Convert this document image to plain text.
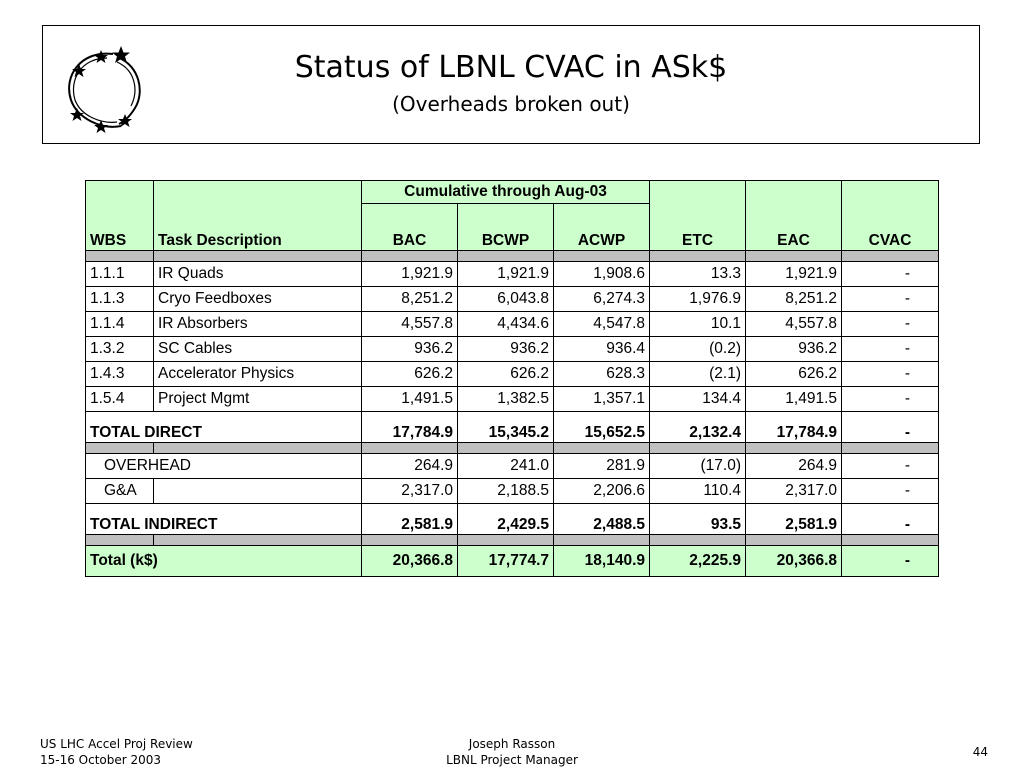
Status of LBNL CVAC in ASk$
(Overheads broken out)
		Cumulative through Aug-03					
WBS	Task Description	BAC	BCWP	ACWP	ETC	EAC	CVAC

1.1.1	IR Quads	1,921.9	1,921.9	1,908.6	13.3	1,921.9	-
1.1.3	Cryo Feedboxes	8,251.2	6,043.8	6,274.3	1,976.9	8,251.2	-
1.1.4	IR Absorbers	4,557.8	4,434.6	4,547.8	10.1	4,557.8	-
1.3.2	SC Cables	936.2	936.2	936.4	(0.2)	936.2	-
1.4.3	Accelerator Physics	626.2	626.2	628.3	(2.1)	626.2	-
1.5.4	Project Mgmt	1,491.5	1,382.5	1,357.1	134.4	1,491.5	-
TOTAL DIRECT		17,784.9	15,345.2	15,652.5	2,132.4	17,784.9	-

OVERHEAD		264.9	241.0	281.9	(17.0)	264.9	-
G&A		2,317.0	2,188.5	2,206.6	110.4	2,317.0	-
TOTAL INDIRECT		2,581.9	2,429.5	2,488.5	93.5	2,581.9	-

Total (k$)		20,366.8	17,774.7	18,140.9	2,225.9	20,366.8	-
US LHC Accel Proj Review
15-16 October 2003
Joseph Rasson
LBNL Project Manager
44
